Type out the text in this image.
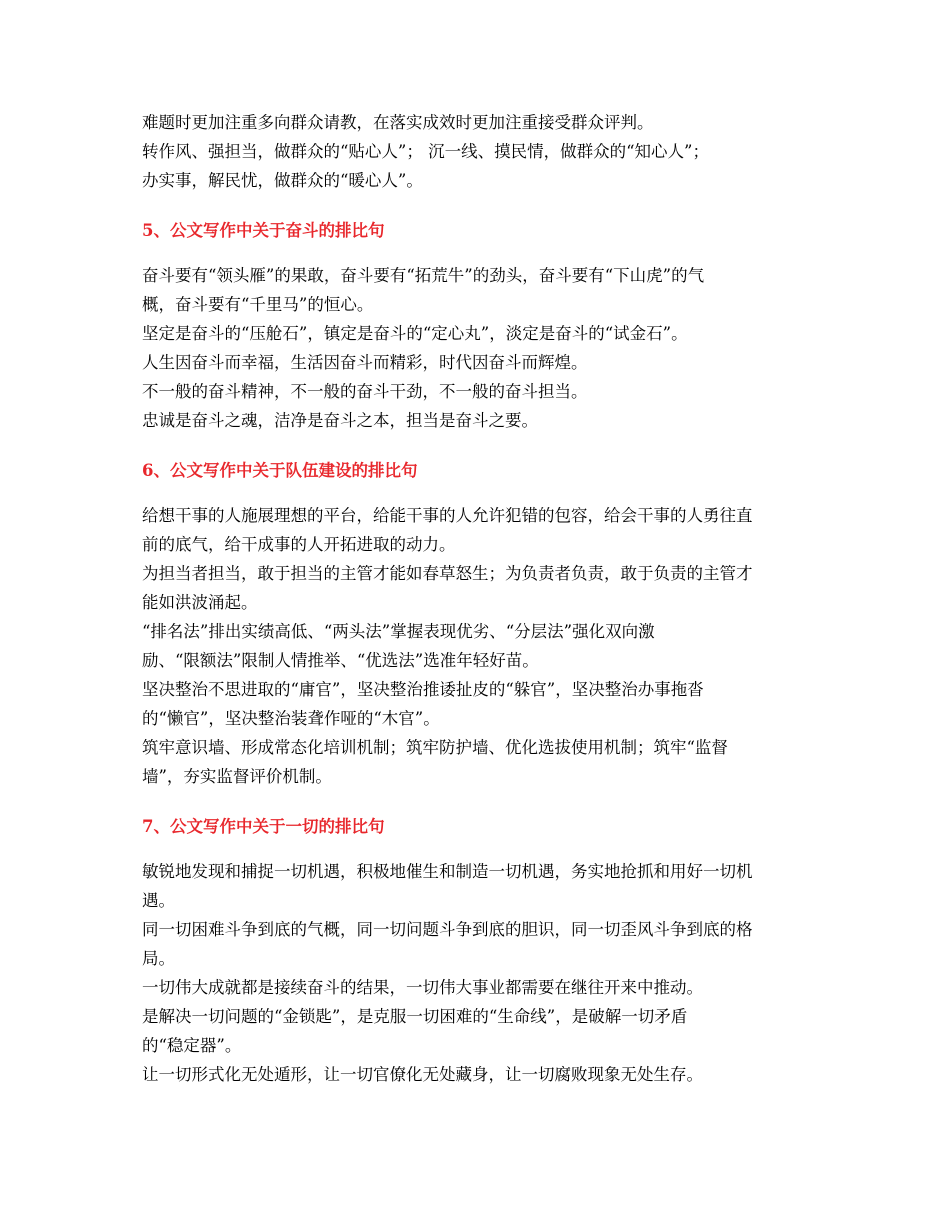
难题时更加注重多向群众请教，在落实成效时更加注重接受群众评判。

转作风、强担当，做群众的“贴心人”； 沉一线、摸民情，做群众的“知心人”；

办实事，解民忧，做群众的“暖心人”。

5、公文写作中关于奋斗的排比句

奋斗要有“领头雁”的果敢，奋斗要有“拓荒牛”的劲头，奋斗要有“下山虎”的气

概，奋斗要有“千里马”的恒心。

坚定是奋斗的“压舱石”，镇定是奋斗的“定心丸”，淡定是奋斗的“试金石”。

人生因奋斗而幸福，生活因奋斗而精彩，时代因奋斗而辉煌。

不一般的奋斗精神，不一般的奋斗干劲，不一般的奋斗担当。

忠诚是奋斗之魂，洁净是奋斗之本，担当是奋斗之要。

6、公文写作中关于队伍建设的排比句

给想干事的人施展理想的平台，给能干事的人允许犯错的包容，给会干事的人勇往直

前的底气，给干成事的人开拓进取的动力。

为担当者担当，敢于担当的主管才能如春草怒生；为负责者负责，敢于负责的主管才

能如洪波涌起。

“排名法”排出实绩高低、“两头法”掌握表现优劣、“分层法”强化双向激

励、“限额法”限制人情推举、“优选法”选准年轻好苗。

坚决整治不思进取的“庸官”，坚决整治推诿扯皮的“躲官”，坚决整治办事拖沓

的“懒官”，坚决整治装聋作哑的“木官”。

筑牢意识墙、形成常态化培训机制；筑牢防护墙、优化选拔使用机制；筑牢“监督

墙”，夯实监督评价机制。

7、公文写作中关于一切的排比句

敏锐地发现和捕捉一切机遇，积极地催生和制造一切机遇，务实地抢抓和用好一切机

遇。

同一切困难斗争到底的气概，同一切问题斗争到底的胆识，同一切歪风斗争到底的格

局。

一切伟大成就都是接续奋斗的结果，一切伟大事业都需要在继往开来中推动。

是解决一切问题的“金锁匙”，是克服一切困难的“生命线”，是破解一切矛盾

的“稳定器”。

让一切形式化无处遁形，让一切官僚化无处藏身，让一切腐败现象无处生存。
